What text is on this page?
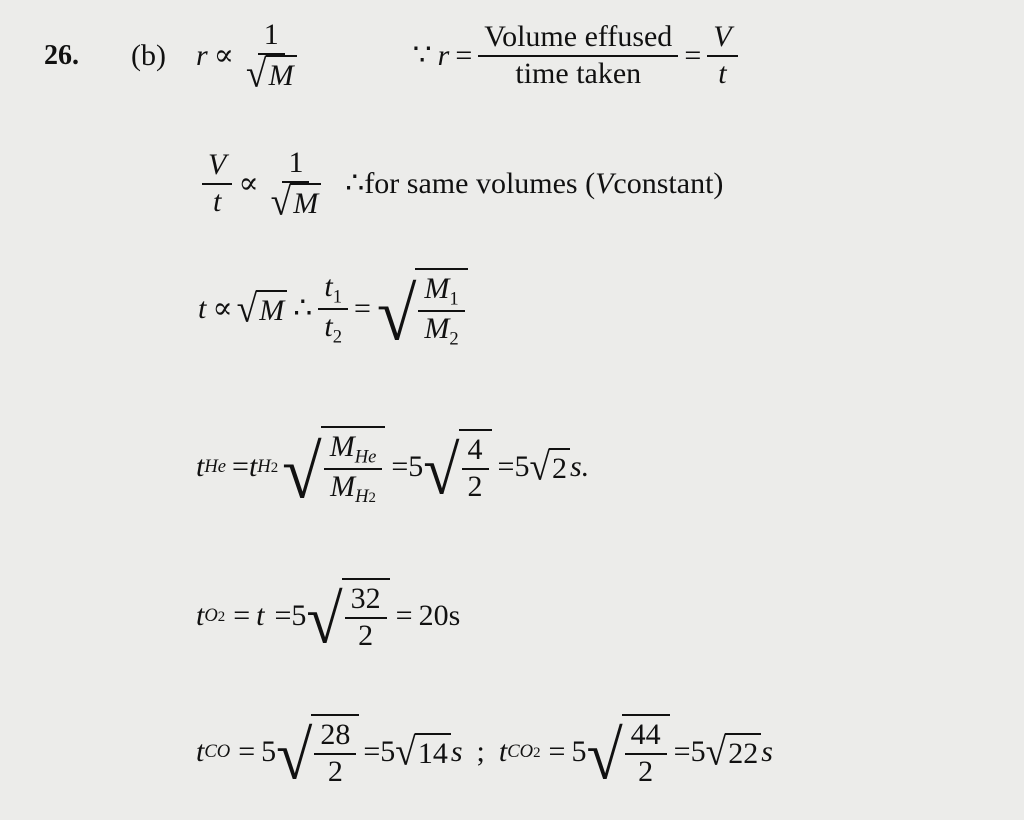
26. (b) $r \propto \frac{1}{√ M}$	∵ $r = \frac{\text{Volume effused}}{\text{time taken}} = \frac{V}{t}$
$\frac{V}{t} \propto \frac{1}{√ M}$ ∴for same volumes ( V constant)
t ∝ √ M ∴ $\frac{t_1}{t_2}$ = √ $\frac{M_1}{M_2}$
t He = t H2 √ $\frac{M_{He}}{M_{H2}} = 5$ √ $\frac{4}{2} = 5$ √ 2 s.
t O2 = t = 5 √ $\frac{32}{2} = 20s$
t CO = 5 √ $\frac{28}{2} = 5$ √ 14 s ; t CO2 = 5 √ $\frac{44}{2} = 5$ √ 22 s
